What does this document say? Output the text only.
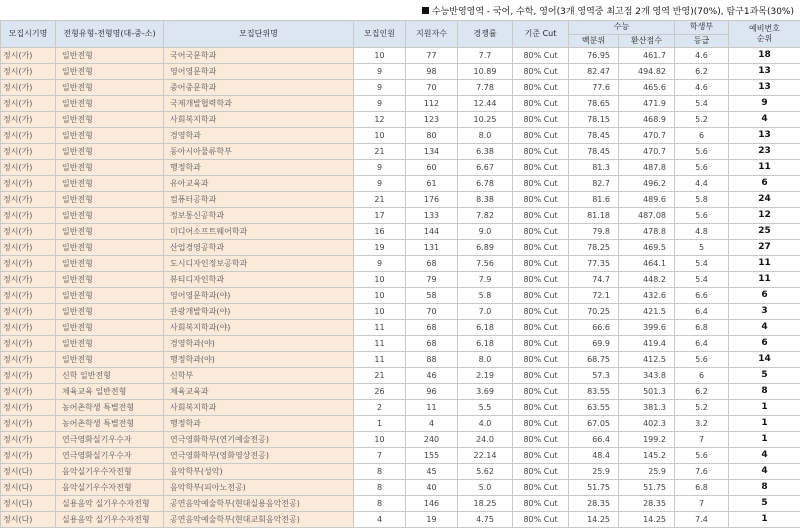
수능반영영역 - 국어, 수학, 영어(3개 영역중 최고점 2개 영역 반영)(70%), 탐구1과목(30%)
모집시기명	전형유형-전형명(대-중-소)	모집단위명	모집인원	지원자수	경쟁률	기준 Cut	수능		학생부	예비번호
순위
							백분위	환산점수	등급	
정시(가)	일반전형	국어국문학과	10	77	7.7	80% Cut	76.95	461.7	4.6	18
정시(가)	일반전형	영어영문학과	9	98	10.89	80% Cut	82.47	494.82	6.2	13
정시(가)	일반전형	중어중문학과	9	70	7.78	80% Cut	77.6	465.6	4.6	13
정시(가)	일반전형	국제개발협력학과	9	112	12.44	80% Cut	78.65	471.9	5.4	9
정시(가)	일반전형	사회복지학과	12	123	10.25	80% Cut	78.15	468.9	5.2	4
정시(가)	일반전형	경영학과	10	80	8.0	80% Cut	78.45	470.7	6	13
정시(가)	일반전형	동아시아물류학부	21	134	6.38	80% Cut	78.45	470.7	5.6	23
정시(가)	일반전형	행정학과	9	60	6.67	80% Cut	81.3	487.8	5.6	11
정시(가)	일반전형	유아교육과	9	61	6.78	80% Cut	82.7	496.2	4.4	6
정시(가)	일반전형	컴퓨터공학과	21	176	8.38	80% Cut	81.6	489.6	5.8	24
정시(가)	일반전형	정보통신공학과	17	133	7.82	80% Cut	81.18	487.08	5.6	12
정시(가)	일반전형	미디어소프트웨어학과	16	144	9.0	80% Cut	79.8	478.8	4.8	25
정시(가)	일반전형	산업경영공학과	19	131	6.89	80% Cut	78.25	469.5	5	27
정시(가)	일반전형	도시디자인정보공학과	9	68	7.56	80% Cut	77.35	464.1	5.4	11
정시(가)	일반전형	뷰티디자인학과	10	79	7.9	80% Cut	74.7	448.2	5.4	11
정시(가)	일반전형	영어영문학과(야)	10	58	5.8	80% Cut	72.1	432.6	6.6	6
정시(가)	일반전형	관광개발학과(야)	10	70	7.0	80% Cut	70.25	421.5	6.4	3
정시(가)	일반전형	사회복지학과(야)	11	68	6.18	80% Cut	66.6	399.6	6.8	4
정시(가)	일반전형	경영학과(야)	11	68	6.18	80% Cut	69.9	419.4	6.4	6
정시(가)	일반전형	행정학과(야)	11	88	8.0	80% Cut	68.75	412.5	5.6	14
정시(가)	신학 일반전형	신학부	21	46	2.19	80% Cut	57.3	343.8	6	5
정시(가)	체육교육 일반전형	체육교육과	26	96	3.69	80% Cut	83.55	501.3	6.2	8
정시(가)	농어촌학생 특별전형	사회복지학과	2	11	5.5	80% Cut	63.55	381.3	5.2	1
정시(가)	농어촌학생 특별전형	행정학과	1	4	4.0	80% Cut	67.05	402.3	3.2	1
정시(가)	연극영화실기우수자	연극영화학부(연기예술전공)	10	240	24.0	80% Cut	66.4	199.2	7	1
정시(가)	연극영화실기우수자	연극영화학부(영화영상전공)	7	155	22.14	80% Cut	48.4	145.2	5.6	4
정시(다)	음악실기우수자전형	음악학부(성악)	8	45	5.62	80% Cut	25.9	25.9	7.6	4
정시(다)	음악실기우수자전형	음악학부(피아노전공)	8	40	5.0	80% Cut	51.75	51.75	6.8	8
정시(다)	실용음악 실기우수자전형	공연음악예술학부(현대실용음악전공)	8	146	18.25	80% Cut	28.35	28.35	7	5
정시(다)	실용음악 실기우수자전형	공연음악예술학부(현대교회음악전공)	4	19	4.75	80% Cut	14.25	14.25	7.4	1
